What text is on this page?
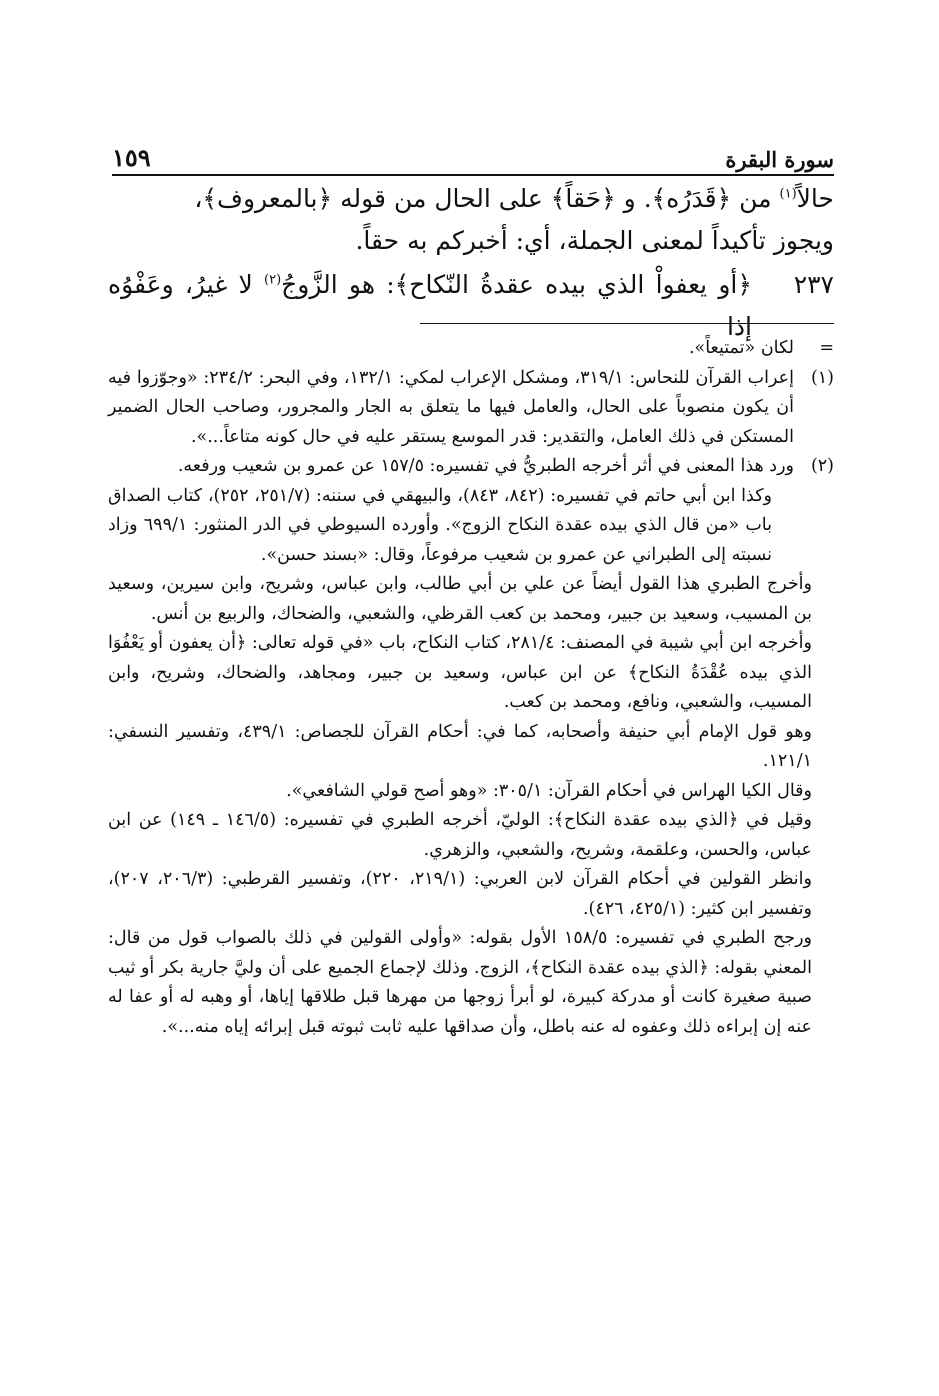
سورة البقرة
١٥٩

حالاً$^{(١)}$ من ﴿قَدَرُه﴾. و ﴿حَقاً﴾ على الحال من قوله ﴿بالمعروف﴾،

ويجوز تأكيداً لمعنى الجملة، أي: أخبركم به حقاً.

٢٣٧
﴿أو يعفواْ الذي بيده عقدةُ النّكاح﴾: هو الزَّوجُ$^{(٢)}$ لا غيرُ، وعَفْوُه إذا

=

لكان «تمتيعاً».

(١)

إعراب القرآن للنحاس: ٣١٩/١، ومشكل الإعراب لمكي: ١٣٢/١، وفي البحر: ٢٣٤/٢: «وجوّزوا فيه أن يكون منصوباً على الحال، والعامل فيها ما يتعلق به الجار والمجرور، وصاحب الحال الضمير المستكن في ذلك العامل، والتقدير: قدر الموسع يستقر عليه في حال كونه متاعاً...».

(٢)

ورد هذا المعنى في أثر أخرجه الطبريُّ في تفسيره: ١٥٧/٥ عن عمرو بن شعيب ورفعه.

وكذا ابن أبي حاتم في تفسيره: (٨٤٢، ٨٤٣)، والبيهقي في سننه: (٢٥١/٧، ٢٥٢)، كتاب الصداق باب «من قال الذي بيده عقدة النكاح الزوج». وأورده السيوطي في الدر المنثور: ٦٩٩/١ وزاد نسبته إلى الطبراني عن عمرو بن شعيب مرفوعاً، وقال: «بسند حسن».

وأخرج الطبري هذا القول أيضاً عن علي بن أبي طالب، وابن عباس، وشريح، وابن سيرين، وسعيد بن المسيب، وسعيد بن جبير، ومحمد بن كعب القرظي، والشعبي، والضحاك، والربيع بن أنس.

وأخرجه ابن أبي شيبة في المصنف: ٢٨١/٤، كتاب النكاح، باب «في قوله تعالى: ﴿أن يعفون أو يَعْفُوَا الذي بيده عُقْدَةُ النكاح﴾ عن ابن عباس، وسعيد بن جبير، ومجاهد، والضحاك، وشريح، وابن المسيب، والشعبي، ونافع، ومحمد بن كعب.

وهو قول الإمام أبي حنيفة وأصحابه، كما في: أحكام القرآن للجصاص: ٤٣٩/١، وتفسير النسفي: ١٢١/١.

وقال الكيا الهراس في أحكام القرآن: ٣٠٥/١: «وهو أصح قولي الشافعي».

وقيل في ﴿الذي بيده عقدة النكاح﴾: الوليّ، أخرجه الطبري في تفسيره: (١٤٦/٥ ـ ١٤٩) عن ابن عباس، والحسن، وعلقمة، وشريح، والشعبي، والزهري.

وانظر القولين في أحكام القرآن لابن العربي: (٢١٩/١، ٢٢٠)، وتفسير القرطبي: (٢٠٦/٣، ٢٠٧)، وتفسير ابن كثير: (٤٢٥/١، ٤٢٦).

ورجح الطبري في تفسيره: ١٥٨/٥ الأول بقوله: «وأولى القولين في ذلك بالصواب قول من قال: المعني بقوله: ﴿الذي بيده عقدة النكاح﴾، الزوج. وذلك لإجماع الجميع على أن وليَّ جارية بكر أو ثيب صبية صغيرة كانت أو مدركة كبيرة، لو أبرأ زوجها من مهرها قبل طلاقها إياها، أو وهبه له أو عفا له عنه إن إبراءه ذلك وعفوه له عنه باطل، وأن صداقها عليه ثابت ثبوته قبل إبرائه إياه منه...».
